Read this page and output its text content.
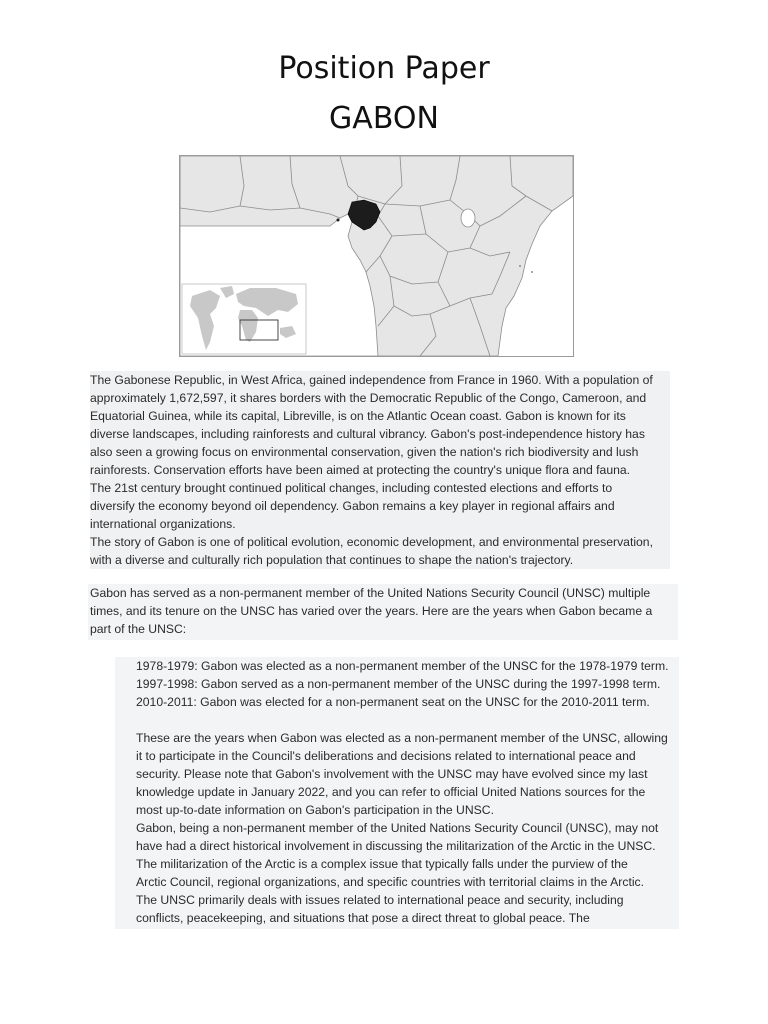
Position Paper
GABON
The Gabonese Republic, in West Africa, gained independence from France in 1960. With a population of
approximately 1,672,597, it shares borders with the Democratic Republic of the Congo, Cameroon, and
Equatorial Guinea, while its capital, Libreville, is on the Atlantic Ocean coast. Gabon is known for its
diverse landscapes, including rainforests and cultural vibrancy. Gabon's post-independence history has
also seen a growing focus on environmental conservation, given the nation's rich biodiversity and lush
rainforests. Conservation efforts have been aimed at protecting the country's unique flora and fauna.
The 21st century brought continued political changes, including contested elections and efforts to
diversify the economy beyond oil dependency. Gabon remains a key player in regional affairs and
international organizations.
The story of Gabon is one of political evolution, economic development, and environmental preservation,
with a diverse and culturally rich population that continues to shape the nation's trajectory.
Gabon has served as a non-permanent member of the United Nations Security Council (UNSC) multiple
times, and its tenure on the UNSC has varied over the years. Here are the years when Gabon became a
part of the UNSC:
1978-1979: Gabon was elected as a non-permanent member of the UNSC for the 1978-1979 term.
1997-1998: Gabon served as a non-permanent member of the UNSC during the 1997-1998 term.
2010-2011: Gabon was elected for a non-permanent seat on the UNSC for the 2010-2011 term.
These are the years when Gabon was elected as a non-permanent member of the UNSC, allowing
it to participate in the Council's deliberations and decisions related to international peace and
security. Please note that Gabon's involvement with the UNSC may have evolved since my last
knowledge update in January 2022, and you can refer to official United Nations sources for the
most up-to-date information on Gabon's participation in the UNSC.
Gabon, being a non-permanent member of the United Nations Security Council (UNSC), may not
have had a direct historical involvement in discussing the militarization of the Arctic in the UNSC.
The militarization of the Arctic is a complex issue that typically falls under the purview of the
Arctic Council, regional organizations, and specific countries with territorial claims in the Arctic.
The UNSC primarily deals with issues related to international peace and security, including
conflicts, peacekeeping, and situations that pose a direct threat to global peace. The
